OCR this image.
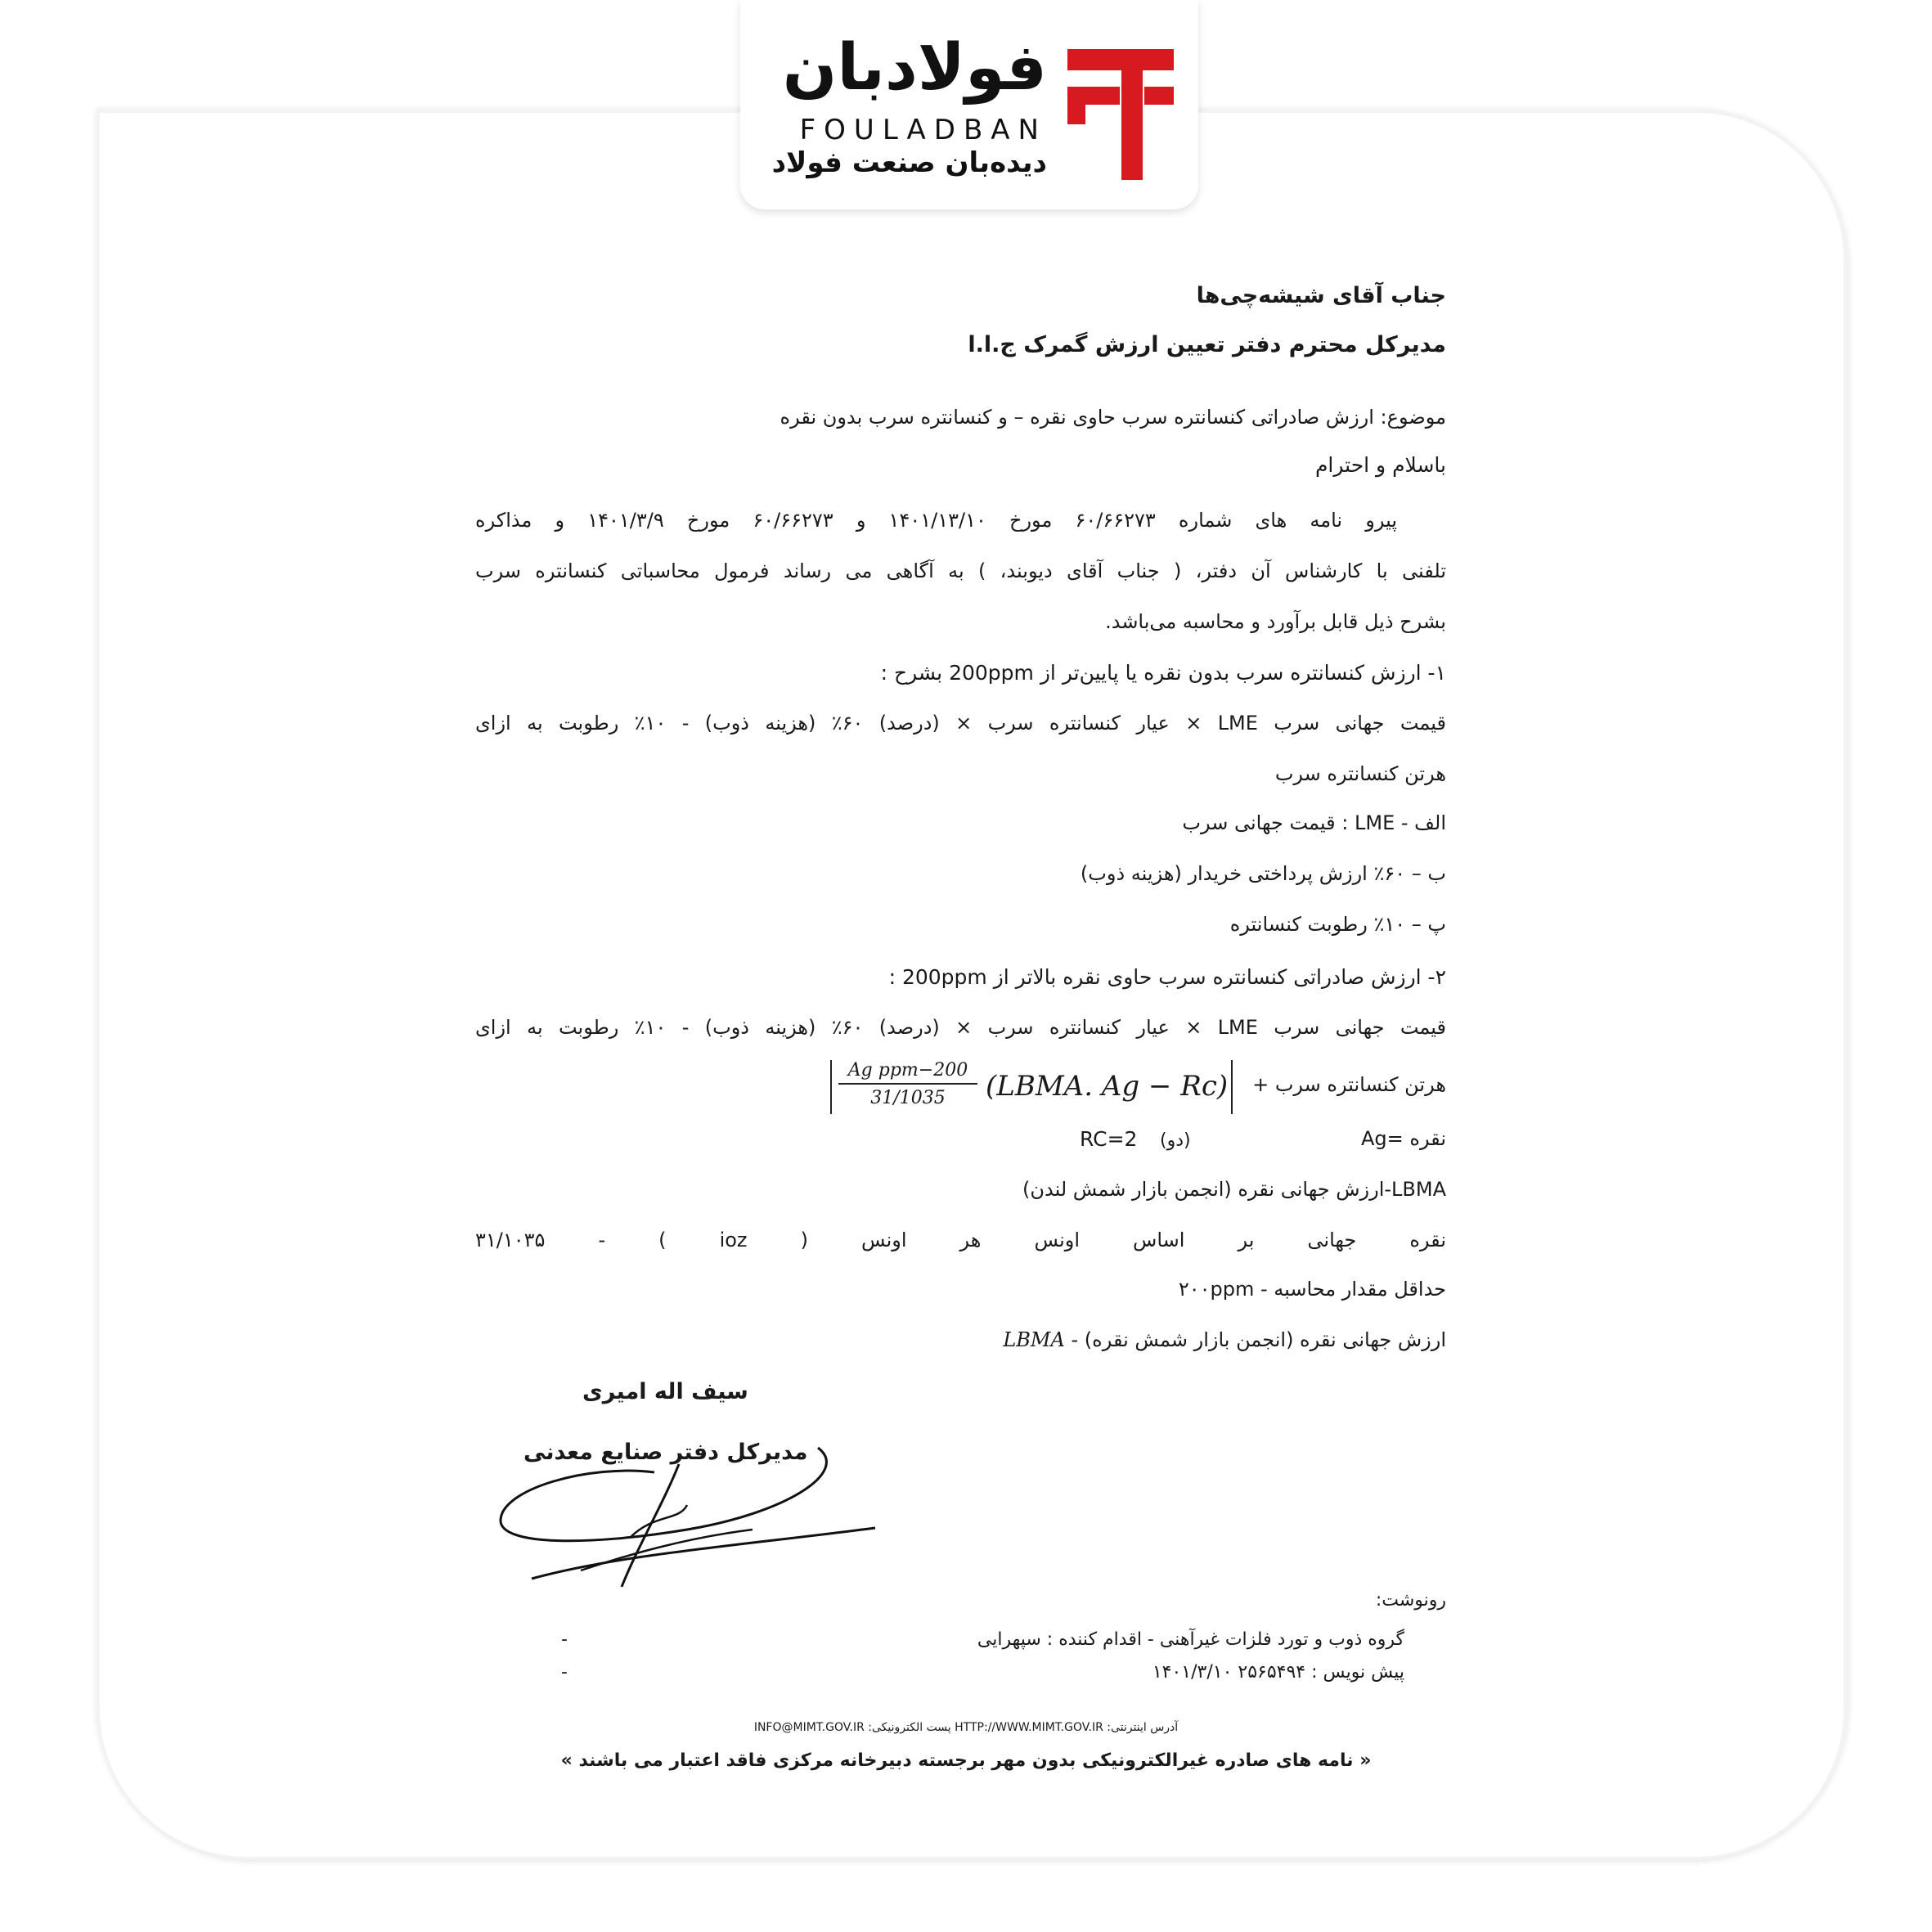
فولادبان
FOULADBAN
دیده‌بان صنعت فولاد
جناب آقای شیشه‌چی‌ها
مدیرکل محترم دفتر تعیین ارزش گمرک ج.ا.ا
موضوع: ارزش صادراتی کنسانتره سرب حاوی نقره – و کنسانتره سرب بدون نقره
باسلام و احترام
پیرو نامه های شماره ۶۰/۶۶۲۷۳ مورخ ۱۴۰۱/۱۳/۱۰ و ۶۰/۶۶۲۷۳ مورخ ۱۴۰۱/۳/۹ و مذاکره
تلفنی با کارشناس آن دفتر، ( جناب آقای دیوبند، ) به آگاهی می رساند فرمول محاسباتی کنسانتره سرب
بشرح ذیل قابل برآورد و محاسبه می‌باشد.
۱- ارزش کنسانتره سرب بدون نقره یا پایین‌تر از 200ppm بشرح :
قیمت جهانی سرب LME × عیار کنسانتره سرب × (درصد) ۶۰٪ (هزینه ذوب) - ۱۰٪ رطوبت به ازای
هرتن کنسانتره سرب
الف - LME : قیمت جهانی سرب
ب – ۶۰٪ ارزش پرداختی خریدار (هزینه ذوب)
پ – ۱۰٪ رطوبت کنسانتره
۲- ارزش صادراتی کنسانتره سرب حاوی نقره بالاتر از 200ppm :
قیمت جهانی سرب LME × عیار کنسانتره سرب × (درصد) ۶۰٪ (هزینه ذوب) - ۱۰٪ رطوبت به ازای
هرتن کنسانتره سرب +
Ag ppm−200
31/1035	(LBMA. Ag − Rc)
نقره =Ag
RC=2 (دو)
LBMA-ارزش جهانی نقره (انجمن بازار شمش لندن)
نقره جهانی بر اساس اونس هر اونس ( ioz ) - ۳۱/۱۰۳۵
حداقل مقدار محاسبه - ۲۰۰ppm
ارزش جهانی نقره (انجمن بازار شمش نقره) - LBMA
سیف اله امیری
مدیرکل دفتر صنایع معدنی
رونوشت:
گروه ذوب و تورد فلزات غیرآهنی - اقدام کننده : سپهرایی
پیش نویس : ۲۵۶۵۴۹۴ ۱۴۰۱/۳/۱۰
-
-
آدرس اینترنتی: HTTP://WWW.MIMT.GOV.IR پست الکترونیکی: INFO@MIMT.GOV.IR
« نامه های صادره غیرالکترونیکی بدون مهر برجسته دبیرخانه مرکزی فاقد اعتبار می باشند »
